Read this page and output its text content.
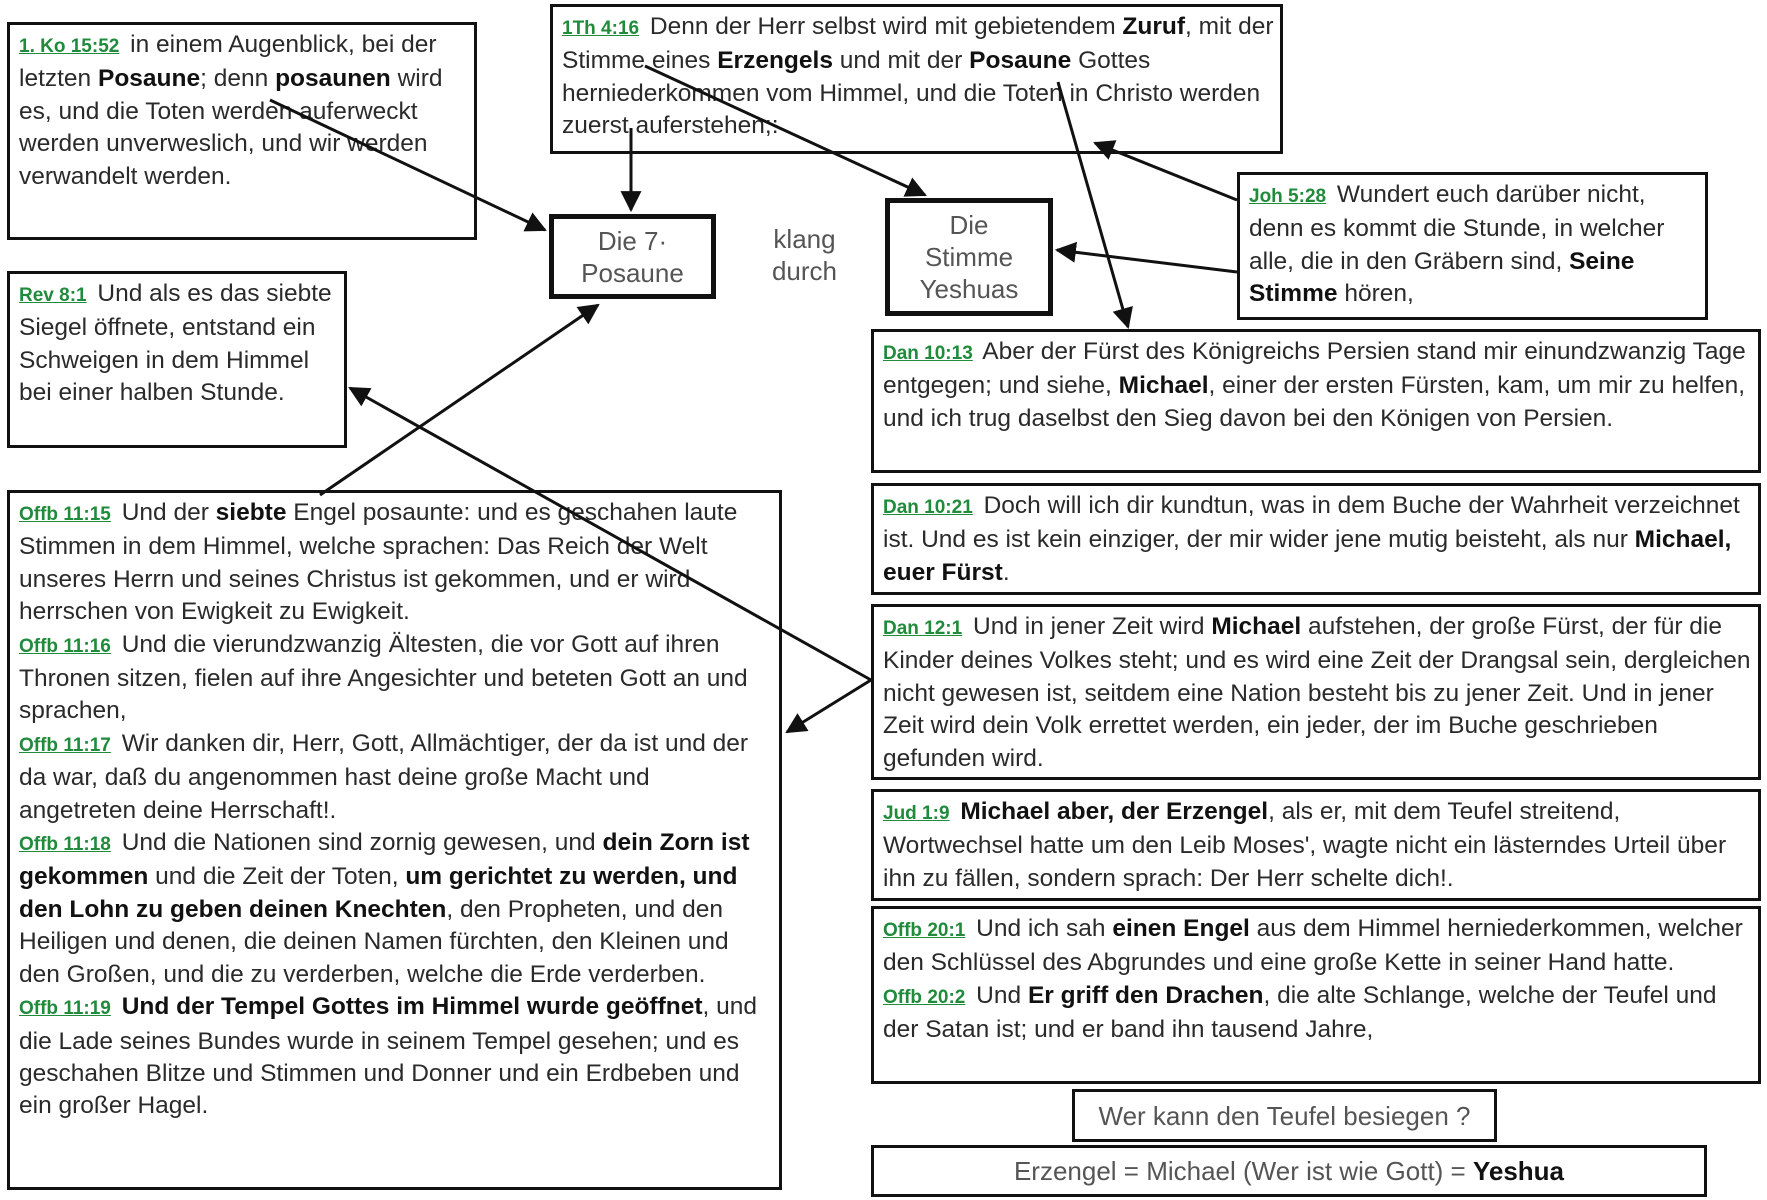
1. Ko 15:52 in einem Augenblick, bei der letzten Posaune; denn posaunen wird es, und die Toten werden auferweckt werden unverweslich, und wir werden verwandelt werden.

1Th 4:16 Denn der Herr selbst wird mit gebietendem Zuruf, mit der Stimme eines Erzengels und mit der Posaune Gottes herniederkommen vom Himmel, und die Toten in Christo werden zuerst auferstehen;:

Joh 5:28 Wundert euch darüber nicht, denn es kommt die Stunde, in welcher alle, die in den Gräbern sind, Seine Stimme hören,

Rev 8:1 Und als es das siebte Siegel öffnete, entstand ein Schweigen in dem Himmel bei einer halben Stunde.

Dan 10:13 Aber der Fürst des Königreichs Persien stand mir einundzwanzig Tage entgegen; und siehe, Michael, einer der ersten Fürsten, kam, um mir zu helfen, und ich trug daselbst den Sieg davon bei den Königen von Persien.

Dan 10:21 Doch will ich dir kundtun, was in dem Buche der Wahrheit verzeichnet ist. Und es ist kein einziger, der mir wider jene mutig beisteht, als nur Michael, euer Fürst.

Dan 12:1 Und in jener Zeit wird Michael aufstehen, der große Fürst, der für die Kinder deines Volkes steht; und es wird eine Zeit der Drangsal sein, dergleichen nicht gewesen ist, seitdem eine Nation besteht bis zu jener Zeit. Und in jener Zeit wird dein Volk errettet werden, ein jeder, der im Buche geschrieben gefunden wird.

Jud 1:9 Michael aber, der Erzengel, als er, mit dem Teufel streitend, Wortwechsel hatte um den Leib Moses', wagte nicht ein lästerndes Urteil über ihn zu fällen, sondern sprach: Der Herr schelte dich!.

Offb 20:1 Und ich sah einen Engel aus dem Himmel herniederkommen, welcher den Schlüssel des Abgrundes und eine große Kette in seiner Hand hatte.

Offb 20:2 Und Er griff den Drachen, die alte Schlange, welche der Teufel und der Satan ist; und er band ihn tausend Jahre,

Offb 11:15 Und der siebte Engel posaunte: und es geschahen laute Stimmen in dem Himmel, welche sprachen: Das Reich der Welt unseres Herrn und seines Christus ist gekommen, und er wird herrschen von Ewigkeit zu Ewigkeit.

Offb 11:16 Und die vierundzwanzig Ältesten, die vor Gott auf ihren Thronen sitzen, fielen auf ihre Angesichter und beteten Gott an und sprachen,

Offb 11:17 Wir danken dir, Herr, Gott, Allmächtiger, der da ist und der da war, daß du angenommen hast deine große Macht und angetreten deine Herrschaft!.

Offb 11:18 Und die Nationen sind zornig gewesen, und dein Zorn ist gekommen und die Zeit der Toten, um gerichtet zu werden, und den Lohn zu geben deinen Knechten, den Propheten, und den Heiligen und denen, die deinen Namen fürchten, den Kleinen und den Großen, und die zu verderben, welche die Erde verderben.

Offb 11:19 Und der Tempel Gottes im Himmel wurde geöffnet, und die Lade seines Bundes wurde in seinem Tempel gesehen; und es geschahen Blitze und Stimmen und Donner und ein Erdbeben und ein großer Hagel.

Die 7· Posaune
klang durch
Die Stimme Yeshuas
Wer kann den Teufel besiegen ?
Erzengel = Michael (Wer ist wie Gott) = Yeshua
